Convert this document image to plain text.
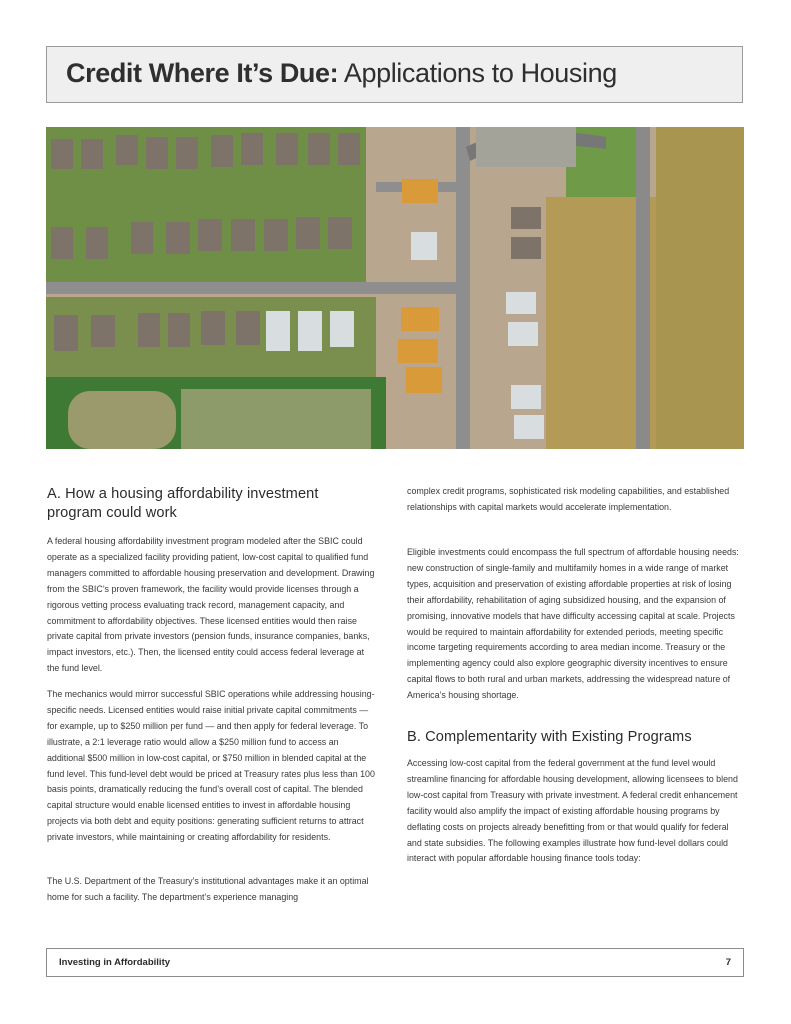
Credit Where It’s Due: Applications to Housing
A. How a housing affordability investment program could work

A federal housing affordability investment program modeled after the SBIC could operate as a specialized facility providing patient, low-cost capital to qualified fund managers committed to affordable housing preservation and development. Drawing from the SBIC’s proven framework, the facility would provide licenses through a rigorous vetting process evaluating track record, management capacity, and commitment to affordability objectives. These licensed entities would then raise private capital from private investors (pension funds, insurance companies, banks, impact investors, etc.). Then, the licensed entity could access federal leverage at the fund level.

The mechanics would mirror successful SBIC operations while addressing housing-specific needs. Licensed entities would raise initial private capital commitments — for example, up to $250 million per fund — and then apply for federal leverage. To illustrate, a 2:1 leverage ratio would allow a $250 million fund to access an additional $500 million in low-cost capital, or $750 million in blended capital at the fund level. This fund-level debt would be priced at Treasury rates plus less than 100 basis points, dramatically reducing the fund’s overall cost of capital. The blended capital structure would enable licensed entities to invest in affordable housing projects via both debt and equity positions: generating sufficient returns to attract private investors, while maintaining or creating affordability for residents.

The U.S. Department of the Treasury’s institutional advantages make it an optimal home for such a facility. The department’s experience managing

complex credit programs, sophisticated risk modeling capabilities, and established relationships with capital markets would accelerate implementation.

Eligible investments could encompass the full spectrum of affordable housing needs: new construction of single-family and multifamily homes in a wide range of market types, acquisition and preservation of existing affordable properties at risk of losing their affordability, rehabilitation of aging subsidized housing, and the expansion of promising, innovative models that have difficulty accessing capital at scale. Projects would be required to maintain affordability for extended periods, meeting specific income targeting requirements according to area median income. Treasury or the implementing agency could also explore geographic diversity incentives to ensure capital flows to both rural and urban markets, addressing the widespread nature of America’s housing shortage.

B. Complementarity with Existing Programs

Accessing low-cost capital from the federal government at the fund level would streamline financing for affordable housing development, allowing licensees to blend low-cost capital from Treasury with private investment. A federal credit enhancement facility would also amplify the impact of existing affordable housing programs by deflating costs on projects already benefitting from or that would qualify for federal and state subsidies. The following examples illustrate how fund-level dollars could interact with popular affordable housing finance tools today:

Investing in Affordability	7
